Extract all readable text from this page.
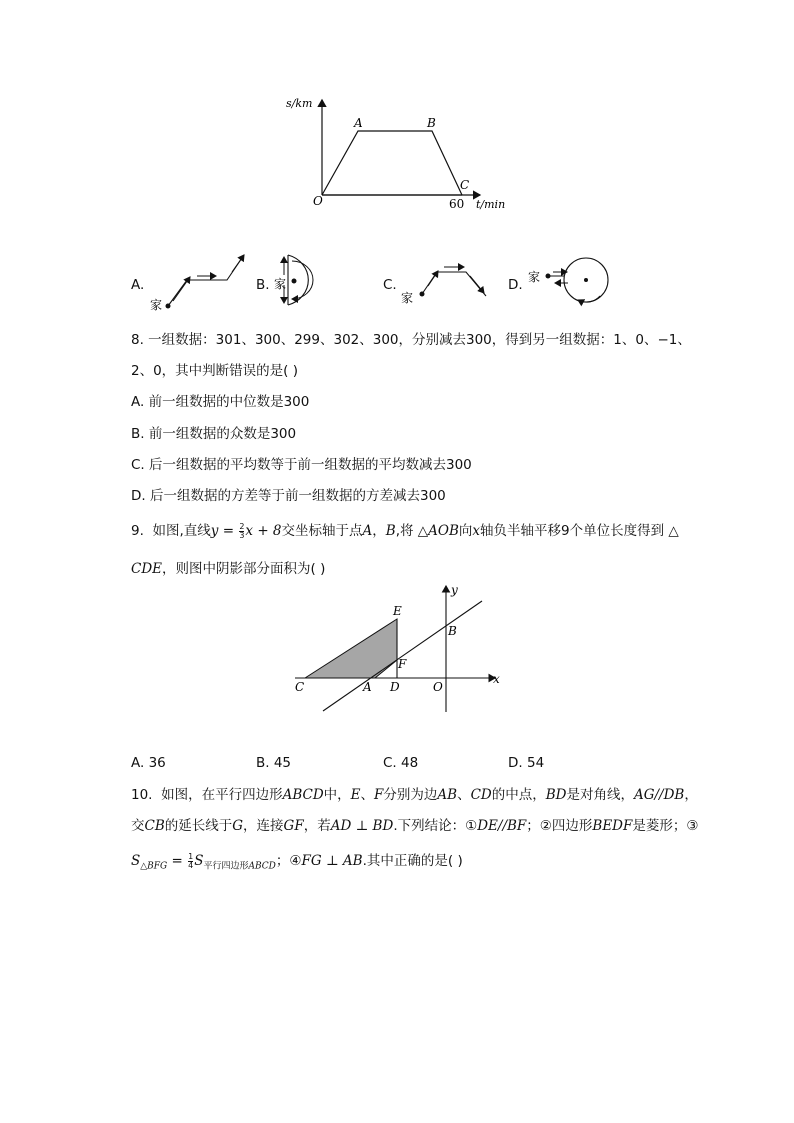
s/km
t/min
O	60
A	B
C
A.
家
B. 家	C.
家
D. 家
8. 一组数据：301、300、299、302、300，分别减去300，得到另一组数据：1、0、−1、
2、0，其中判断错误的是( )
A. 前一组数据的中位数是300
B. 前一组数据的众数是300
C. 后一组数据的平均数等于前一组数据的平均数减去300
D. 后一组数据的方差等于前一组数据的方差减去300
9. 如图,直线$y = \frac{2}{3}$ x + 8交坐标轴于点A，B,将 △AOB向x轴负半轴平移9个单位长度得到 △
CDE，则图中阴影部分面积为( )
y
x
E
B
F
C	A D	O
A. 36	B. 45	C. 48	D. 54
10. 如图，在平行四边形ABCD中，E、F分别为边AB、CD的中点，BD是对角线，AG//DB，
交CB的延长线于G，连接GF，若AD ⊥ BD.下列结论：①DE//BF；②四边形BEDF是菱形；③
$S_{\triangle BFG} = \frac{1}{4} S_{平行四边形ABCD}$；④FG ⊥ AB.其中正确的是( )
